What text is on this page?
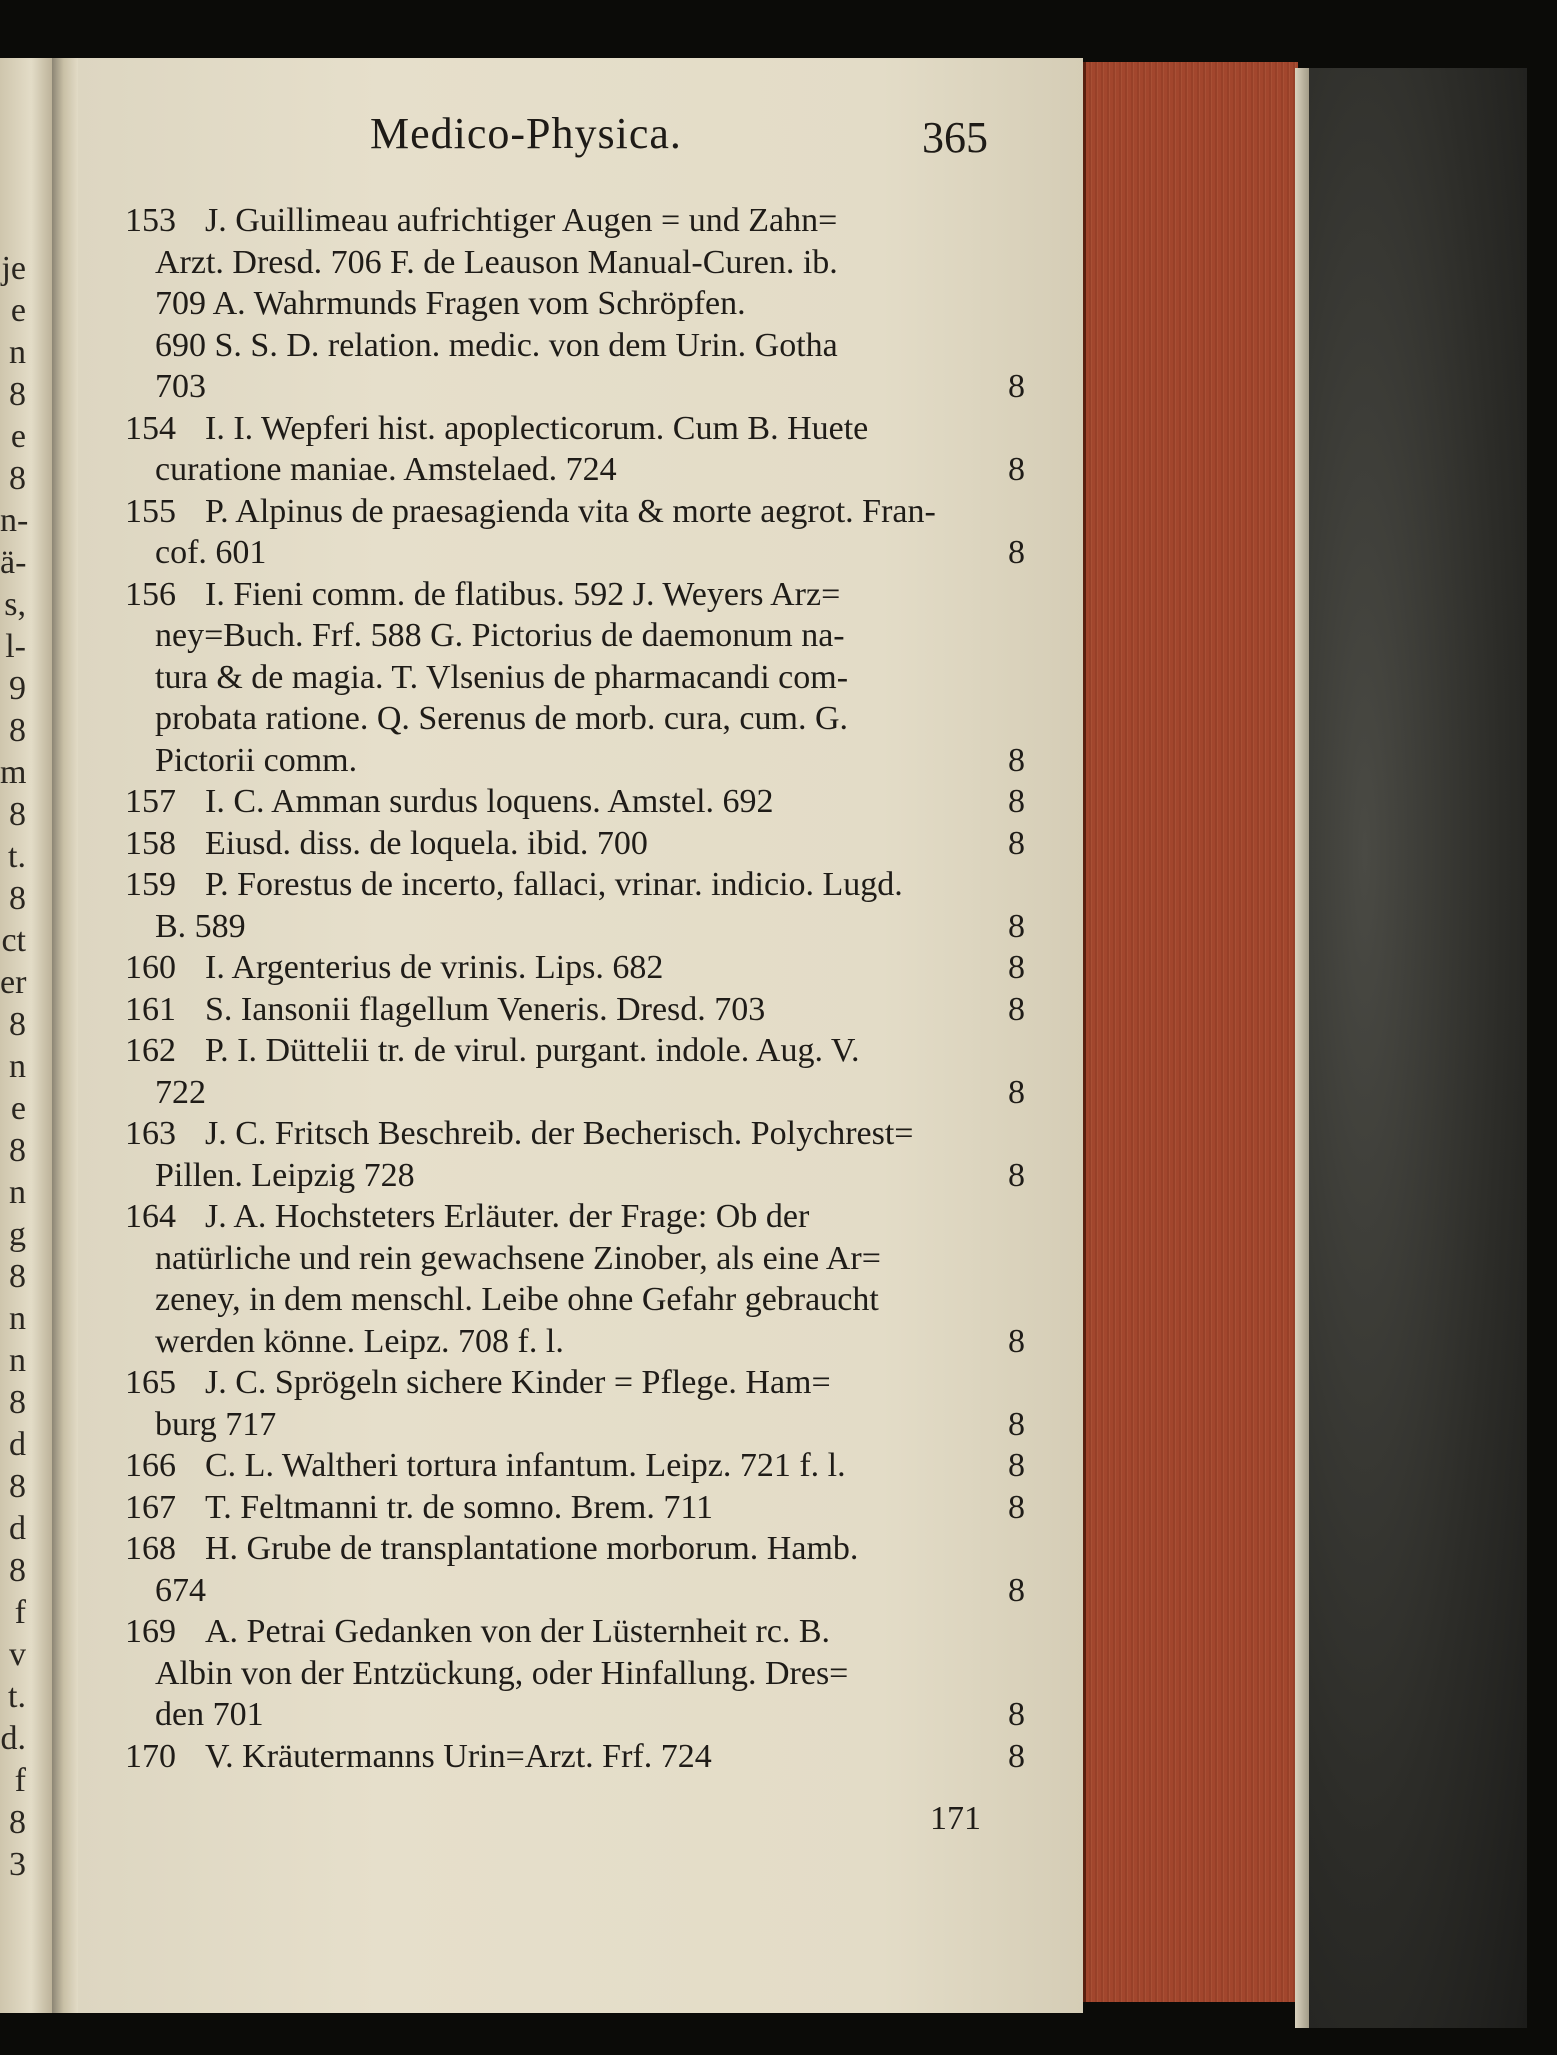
je
e
n
8
e
8
n-
ä-
s,
l-
9
8
m
8
t.
8
ct
er
8
n
e
8
n
g
8
n
n
8
d
8
d
8
f
v
t.
d.
f
8
3
Medico-Physica.	365
153 J. Guillimeau aufrichtiger Augen = und Zahn=
Arzt. Dresd. 706 F. de Leauson Manual-Curen. ib.
709 A. Wahrmunds Fragen vom Schröpfen.
690 S. S. D. relation. medic. von dem Urin. Gotha
703	8
154 I. I. Wepferi hist. apoplecticorum. Cum B. Huete
curatione maniae. Amstelaed. 724	8
155 P. Alpinus de praesagienda vita & morte aegrot. Fran-
cof. 601	8
156 I. Fieni comm. de flatibus. 592 J. Weyers Arz=
ney=Buch. Frf. 588 G. Pictorius de daemonum na-
tura & de magia. T. Vlsenius de pharmacandi com-
probata ratione. Q. Serenus de morb. cura, cum. G.
Pictorii comm.	8
157 I. C. Amman surdus loquens. Amstel. 692	8
158 Eiusd. diss. de loquela. ibid. 700	8
159 P. Forestus de incerto, fallaci, vrinar. indicio. Lugd.
B. 589	8
160 I. Argenterius de vrinis. Lips. 682	8
161 S. Iansonii flagellum Veneris. Dresd. 703	8
162 P. I. Düttelii tr. de virul. purgant. indole. Aug. V.
722	8
163 J. C. Fritsch Beschreib. der Becherisch. Polychrest=
Pillen. Leipzig 728	8
164 J. A. Hochsteters Erläuter. der Frage: Ob der
natürliche und rein gewachsene Zinober, als eine Ar=
zeney, in dem menschl. Leibe ohne Gefahr gebraucht
werden könne. Leipz. 708 f. l.	8
165 J. C. Sprögeln sichere Kinder = Pflege. Ham=
burg 717	8
166 C. L. Waltheri tortura infantum. Leipz. 721 f. l.	8
167 T. Feltmanni tr. de somno. Brem. 711	8
168 H. Grube de transplantatione morborum. Hamb.
674	8
169 A. Petrai Gedanken von der Lüsternheit rc. B.
Albin von der Entzückung, oder Hinfallung. Dres=
den 701	8
170 V. Kräutermanns Urin=Arzt. Frf. 724	8
171
